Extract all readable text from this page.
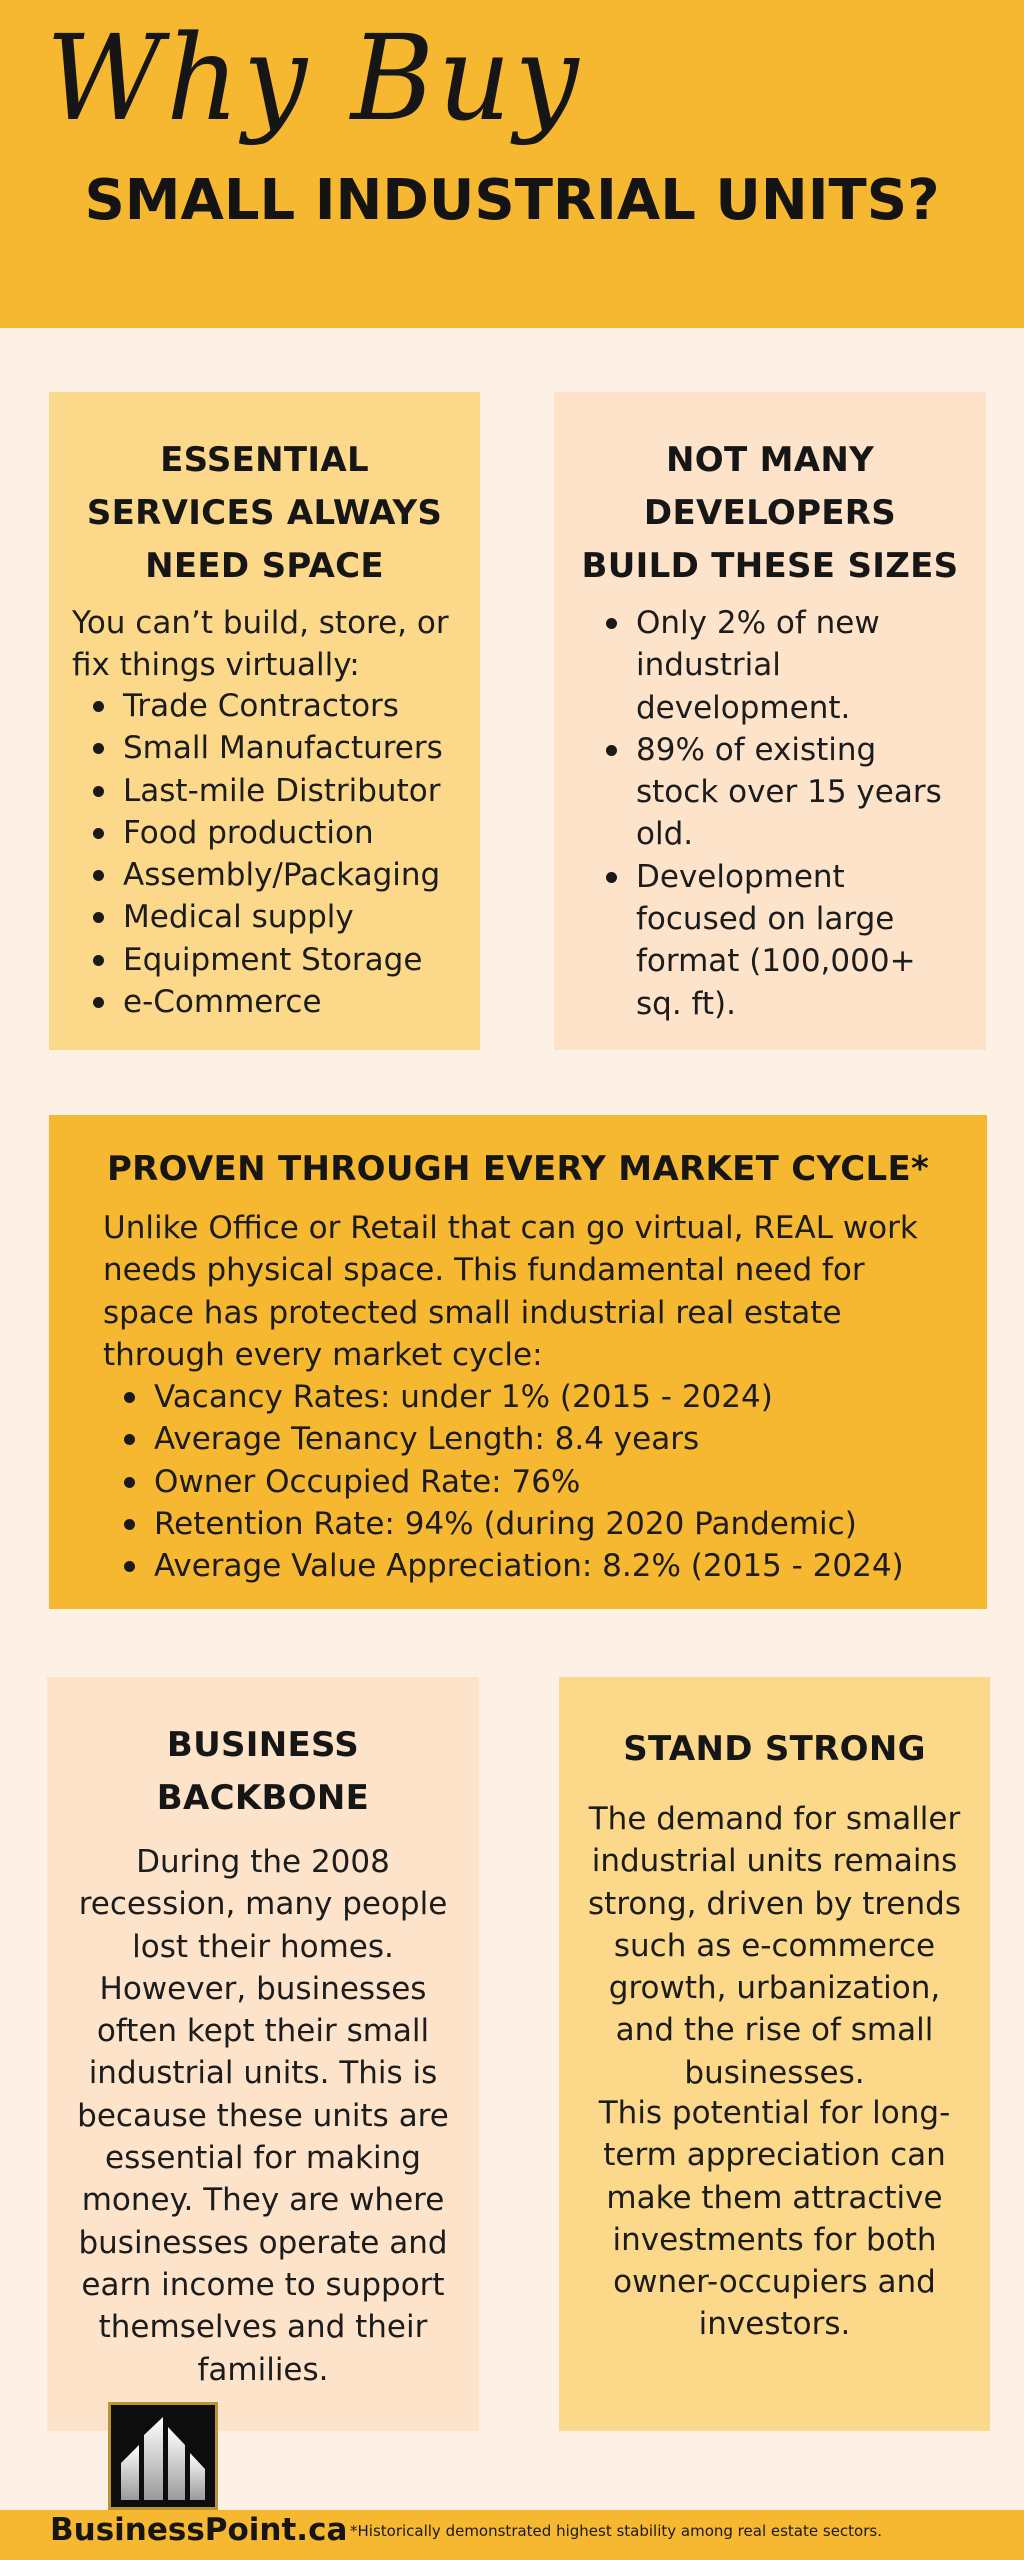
Why Buy
SMALL INDUSTRIAL UNITS?
ESSENTIAL
SERVICES ALWAYS
NEED SPACE

You can’t build, store, or
fix things virtually:

Trade Contractors
Small Manufacturers
Last-mile Distributor
Food production
Assembly/Packaging
Medical supply
Equipment Storage
e-Commerce
NOT MANY
DEVELOPERS
BUILD THESE SIZES
Only 2% of new
industrial
development.
89% of existing
stock over 15 years
old.
Development
focused on large
format (100,000+
sq. ft).
PROVEN THROUGH EVERY MARKET CYCLE*

Unlike Office or Retail that can go virtual, REAL work
needs physical space. This fundamental need for
space has protected small industrial real estate
through every market cycle:

Vacancy Rates: under 1% (2015 - 2024)
Average Tenancy Length: 8.4 years
Owner Occupied Rate: 76%
Retention Rate: 94% (during 2020 Pandemic)
Average Value Appreciation: 8.2% (2015 - 2024)
BUSINESS
BACKBONE

During the 2008
recession, many people
lost their homes.
However, businesses
often kept their small
industrial units. This is
because these units are
essential for making
money. They are where
businesses operate and
earn income to support
themselves and their
families.

STAND STRONG

The demand for smaller
industrial units remains
strong, driven by trends
such as e-commerce
growth, urbanization,
and the rise of small
businesses.

This potential for long-
term appreciation can
make them attractive
investments for both
owner-occupiers and
investors.

BusinessPoint.ca *Historically demonstrated highest stability among real estate sectors.
